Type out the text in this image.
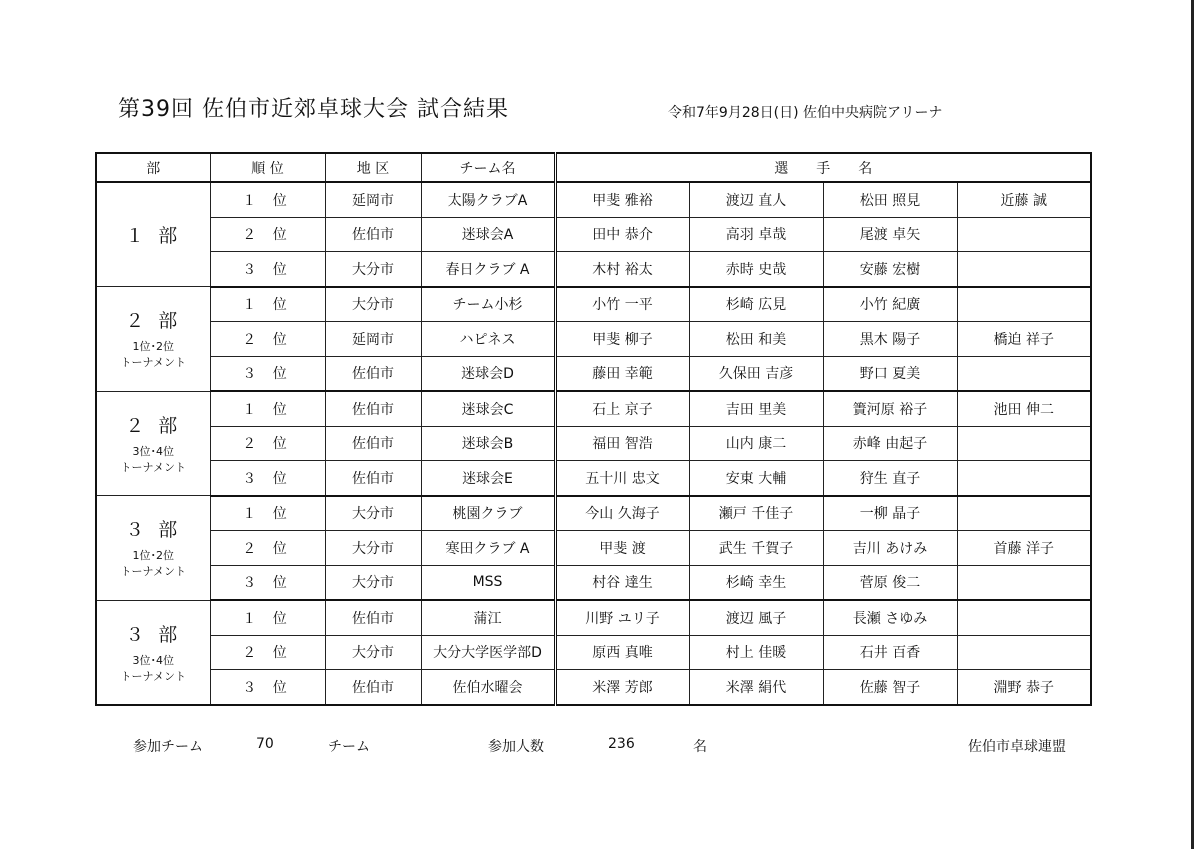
第39回 佐伯市近郊卓球大会 試合結果	令和7年9月28日(日) 佐伯中央病院アリーナ
部	順 位	地 区	チーム名	選　　手　　名			

１ 部	１ 位	延岡市	太陽クラブA	甲斐 雅裕	渡辺 直人	松田 照見	近藤 誠
	２ 位	佐伯市	迷球会A	田中 恭介	高羽 卓哉	尾渡 卓矢	
	３ 位	大分市	春日クラブ A	木村 裕太	赤時 史哉	安藤 宏樹	

２ 部
1位･2位
トーナメント	１ 位	大分市	チーム小杉	小竹 一平	杉崎 広見	小竹 紀廣	
	２ 位	延岡市	ハピネス	甲斐 柳子	松田 和美	黒木 陽子	橋迫 祥子
	３ 位	佐伯市	迷球会D	藤田 幸範	久保田 吉彦	野口 夏美	

２ 部
3位･4位
トーナメント	１ 位	佐伯市	迷球会C	石上 京子	吉田 里美	簀河原 裕子	池田 伸二
	２ 位	佐伯市	迷球会B	福田 智浩	山内 康二	赤峰 由起子	
	３ 位	佐伯市	迷球会E	五十川 忠文	安東 大輔	狩生 直子	

３ 部
1位･2位
トーナメント	１ 位	大分市	桃園クラブ	今山 久海子	瀬戸 千佳子	一柳 晶子	
	２ 位	大分市	寒田クラブ A	甲斐 渡	武生 千賀子	吉川 あけみ	首藤 洋子
	３ 位	大分市	MSS	村谷 達生	杉崎 幸生	菅原 俊二	

３ 部
3位･4位
トーナメント	１ 位	佐伯市	蒲江	川野 ユリ子	渡辺 風子	長瀬 さゆみ	
	２ 位	大分市	大分大学医学部D	原西 真唯	村上 佳暖	石井 百香	
	３ 位	佐伯市	佐伯水曜会	米澤 芳郎	米澤 絹代	佐藤 智子	淵野 恭子
参加チーム	70	チーム	参加人数	236	名	佐伯市卓球連盟
